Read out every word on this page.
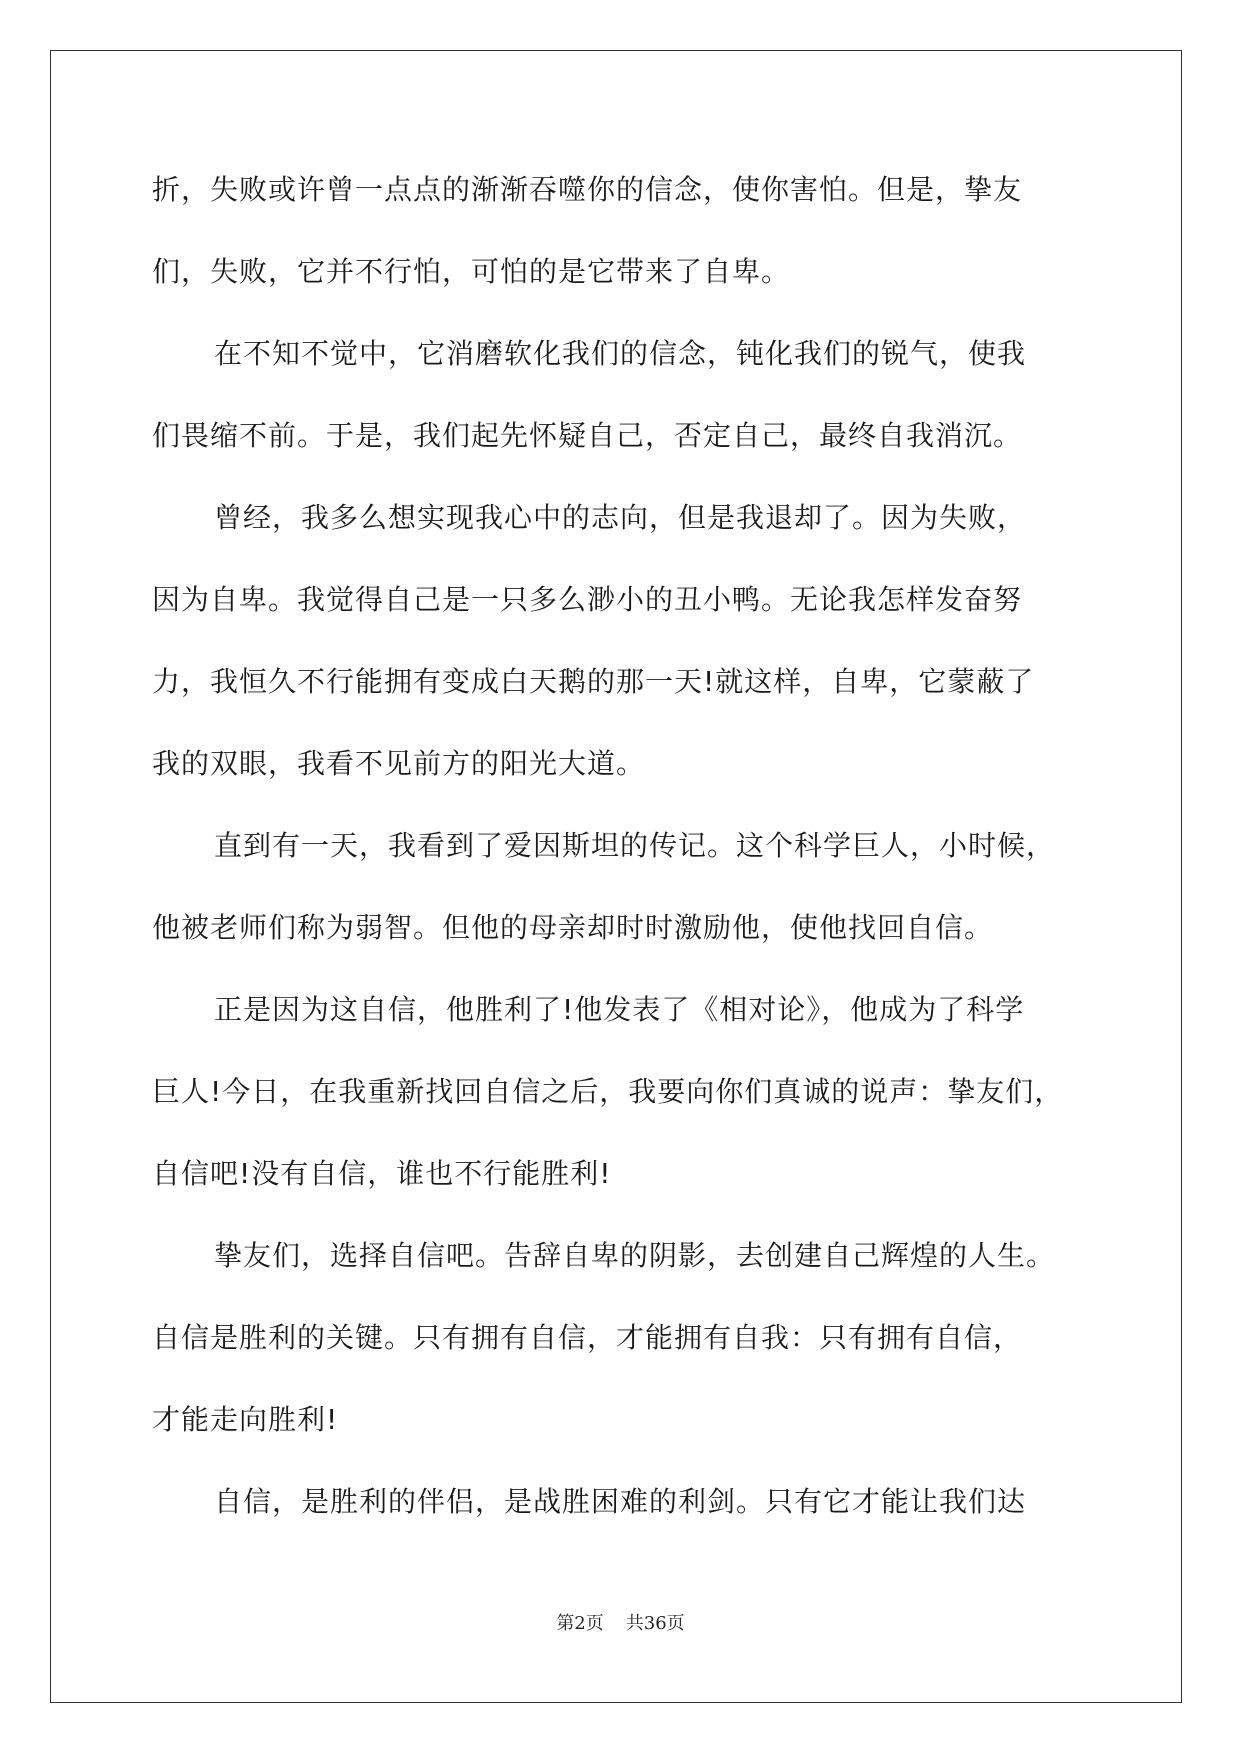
折，失败或许曾一点点的渐渐吞噬你的信念，使你害怕。但是，挚友
们，失败，它并不行怕，可怕的是它带来了自卑。
在不知不觉中，它消磨软化我们的信念，钝化我们的锐气，使我
们畏缩不前。于是，我们起先怀疑自己，否定自己，最终自我消沉。
曾经，我多么想实现我心中的志向，但是我退却了。因为失败，
因为自卑。我觉得自己是一只多么渺小的丑小鸭。无论我怎样发奋努
力，我恒久不行能拥有变成白天鹅的那一天!就这样，自卑，它蒙蔽了
我的双眼，我看不见前方的阳光大道。
直到有一天，我看到了爱因斯坦的传记。这个科学巨人，小时候，
他被老师们称为弱智。但他的母亲却时时激励他，使他找回自信。
正是因为这自信，他胜利了!他发表了《相对论》，他成为了科学
巨人!今日，在我重新找回自信之后，我要向你们真诚的说声：挚友们，
自信吧!没有自信，谁也不行能胜利!
挚友们，选择自信吧。告辞自卑的阴影，去创建自己辉煌的人生。
自信是胜利的关键。只有拥有自信，才能拥有自我：只有拥有自信，
才能走向胜利!
自信，是胜利的伴侣，是战胜困难的利剑。只有它才能让我们达
第2页 共36页
